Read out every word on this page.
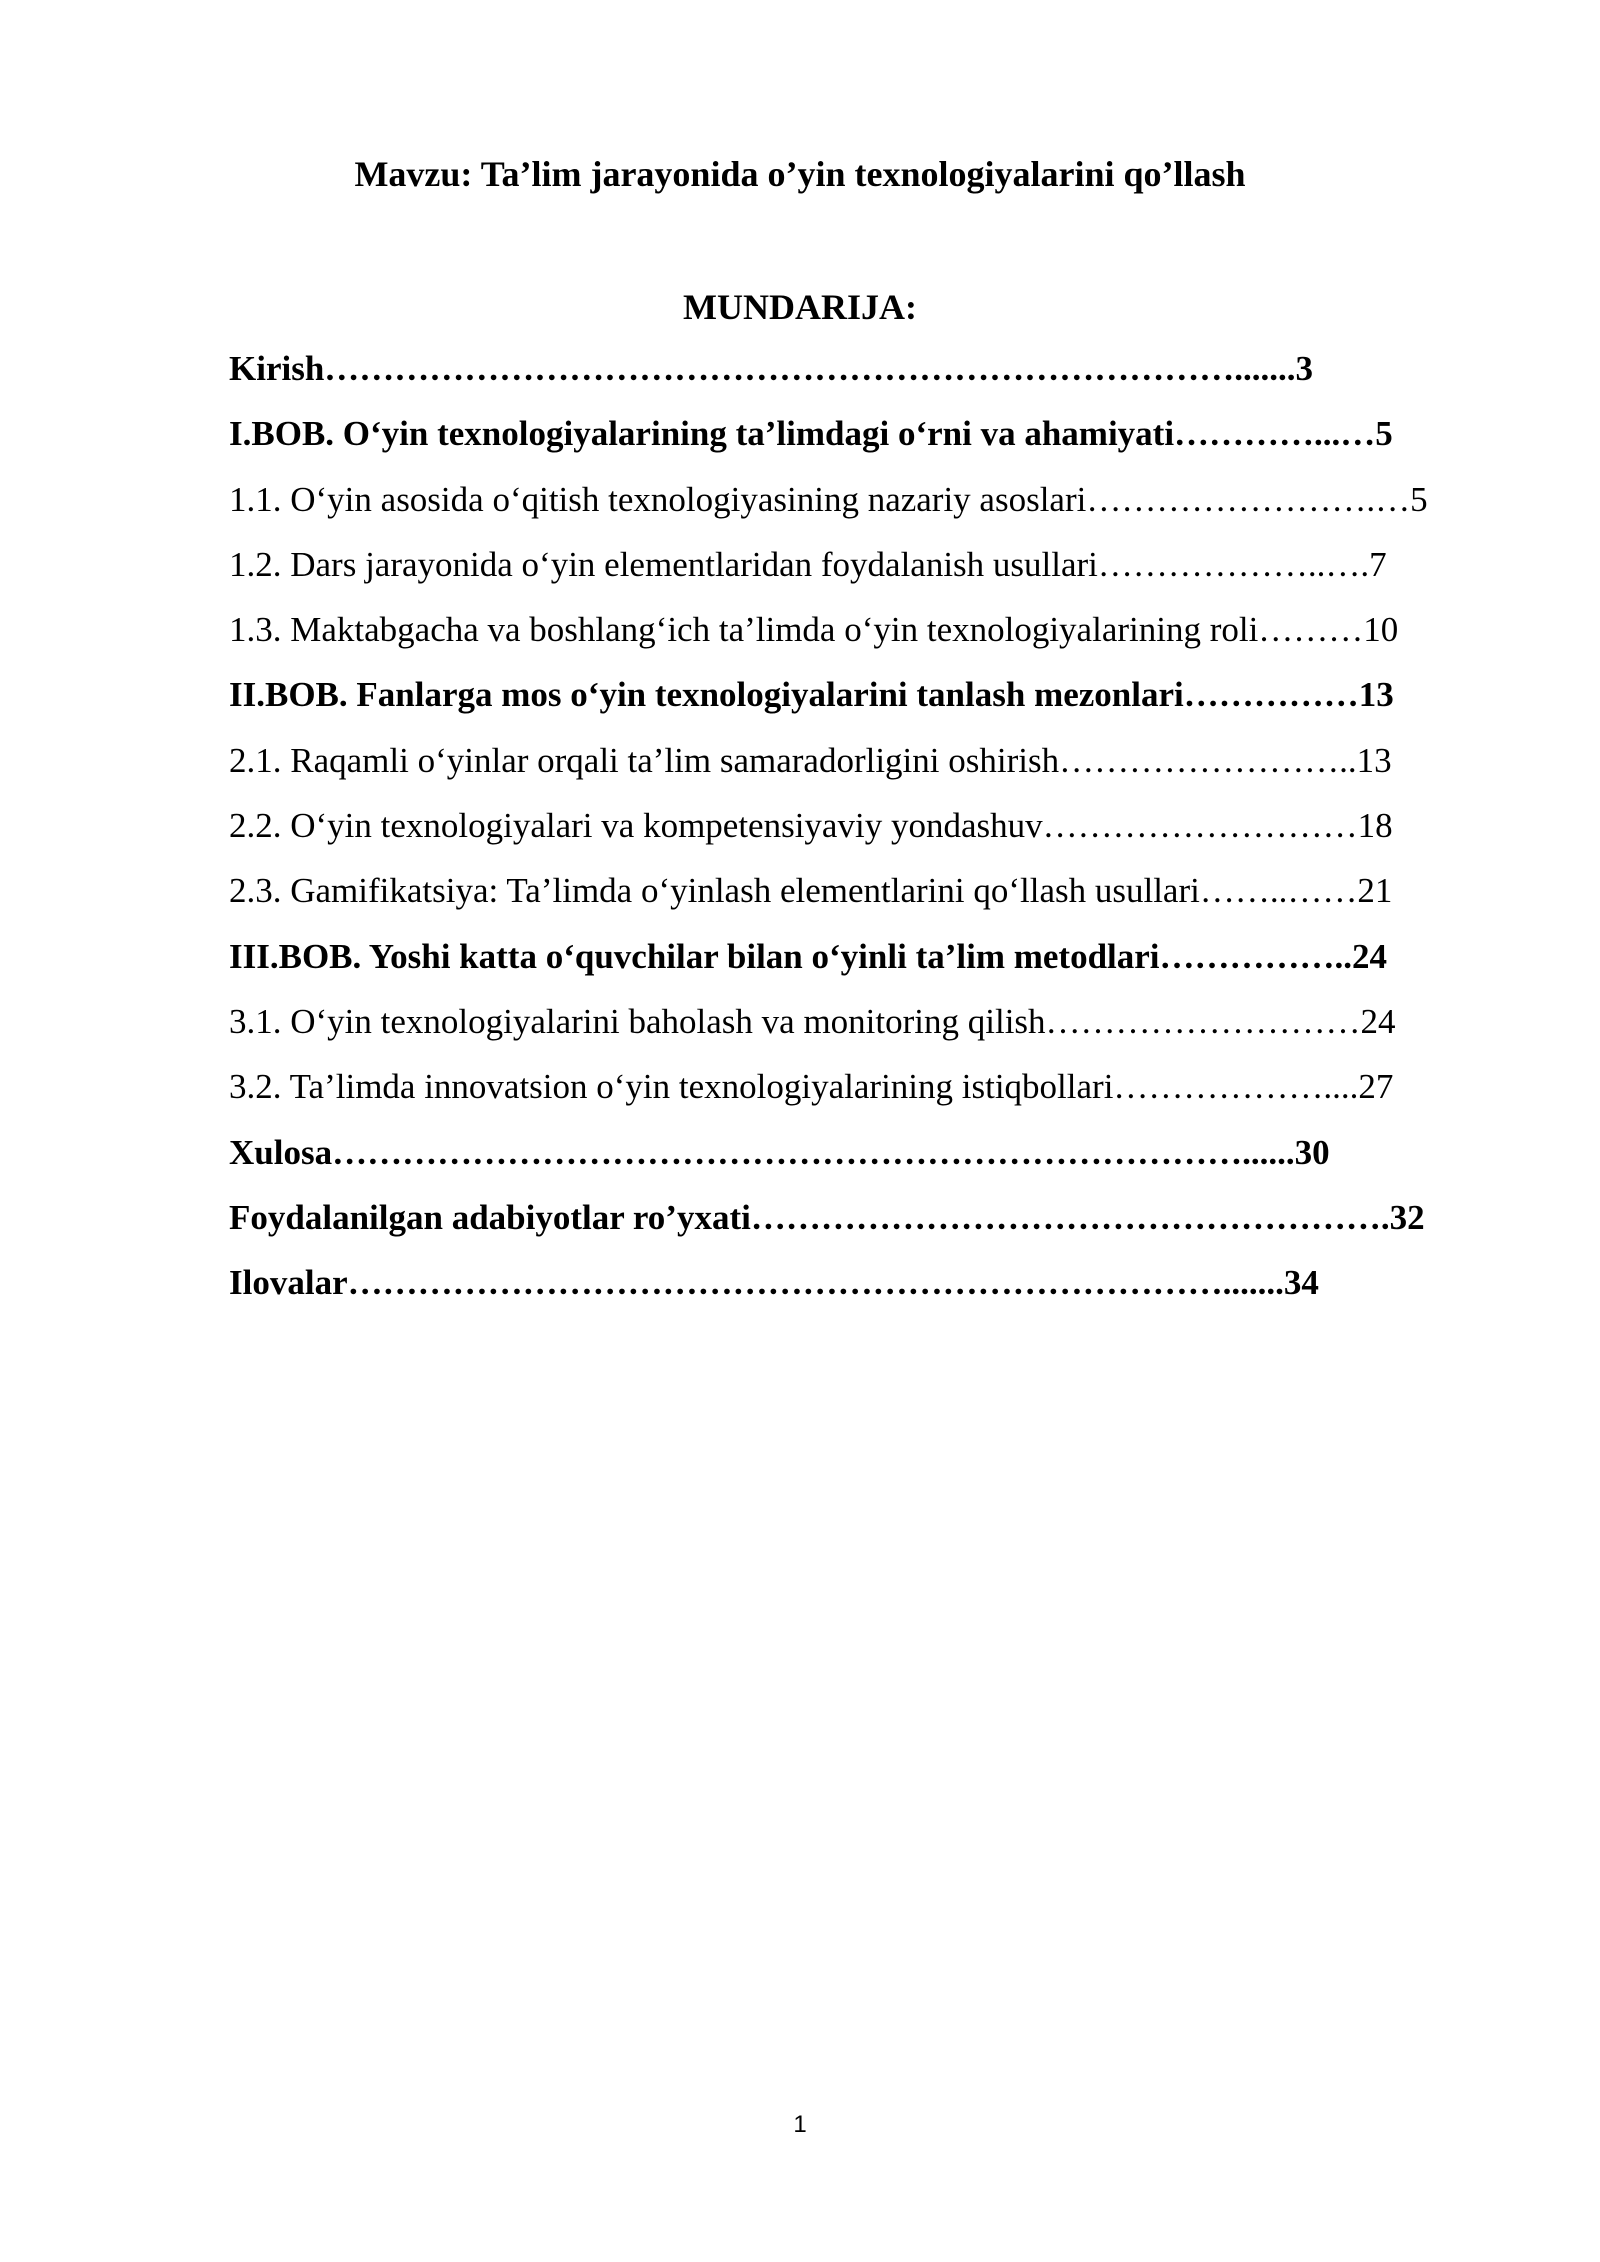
Mavzu: Ta’lim jarayonida o’yin texnologiyalarini qo’llash
MUNDARIJA:
Kirish…………………………………………………………………….......3
I.BOB. O‘yin texnologiyalarining ta’limdagi o‘rni va ahamiyati…………...…5
1.1. O‘yin asosida o‘qitish texnologiyasining nazariy asoslari…………………….…5
1.2. Dars jarayonida o‘yin elementlaridan foydalanish usullari………………..….7
1.3. Maktabgacha va boshlang‘ich ta’limda o‘yin texnologiyalarining roli………10
II.BOB. Fanlarga mos o‘yin texnologiyalarini tanlash mezonlari……………13
2.1. Raqamli o‘yinlar orqali ta’lim samaradorligini oshirish……………………..13
2.2. O‘yin texnologiyalari va kompetensiyaviy yondashuv………………………18
2.3. Gamifikatsiya: Ta’limda o‘yinlash elementlarini qo‘llash usullari……..……21
III.BOB. Yoshi katta o‘quvchilar bilan o‘yinli ta’lim metodlari……………..24
3.1. O‘yin texnologiyalarini baholash va monitoring qilish………………………24
3.2. Ta’limda innovatsion o‘yin texnologiyalarining istiqbollari………………....27
Xulosa……………………………………………………………………......30
Foydalanilgan adabiyotlar ro’yxati……………………………………………….32
Ilovalar………………………………………………………………….......34
1
